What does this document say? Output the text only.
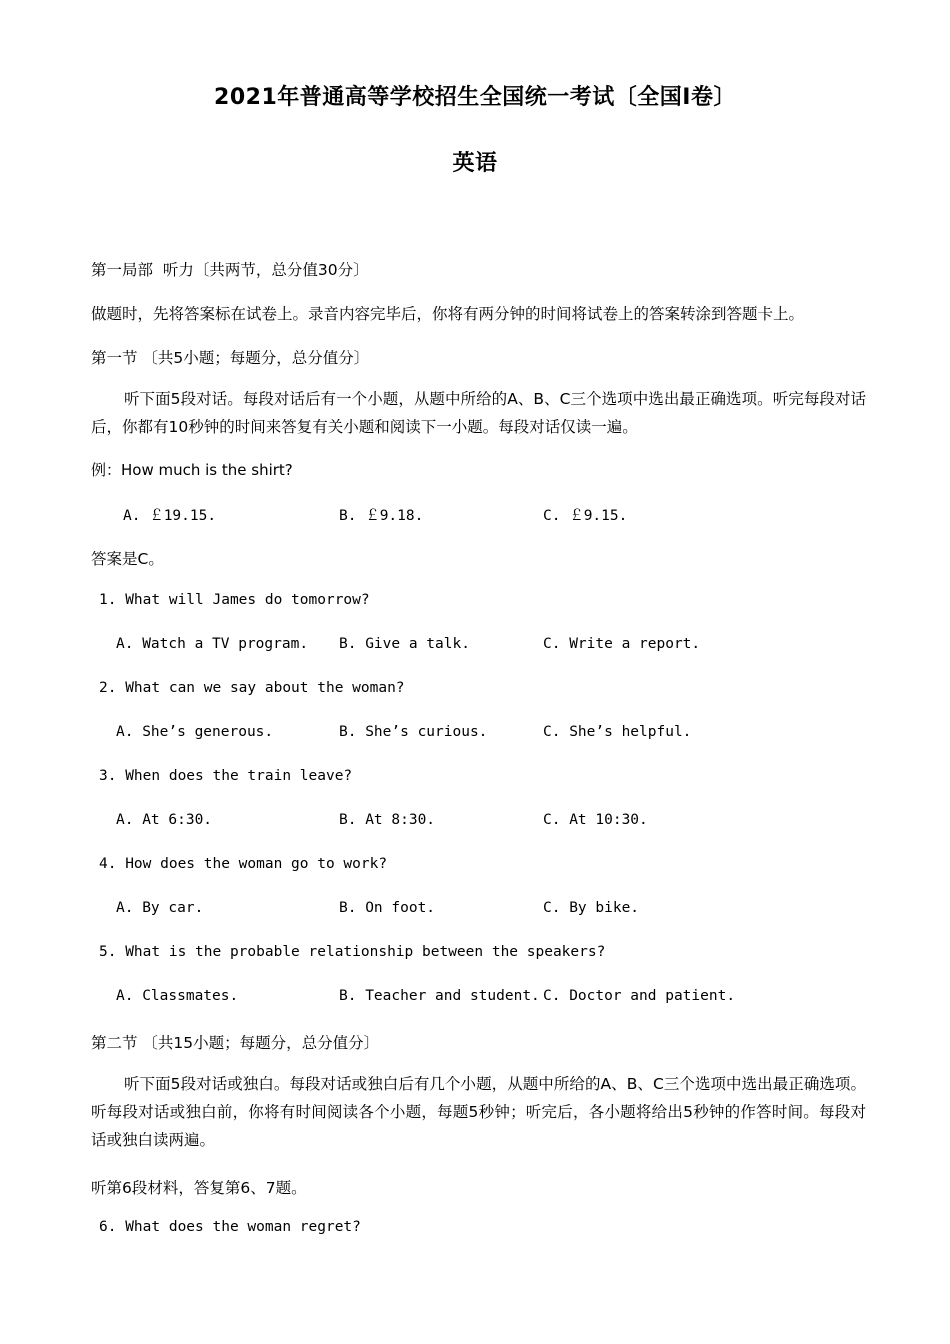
2021年普通高等学校招生全国统一考试〔全国Ⅰ卷〕
英语
第一局部  听力〔共两节，总分值30分〕
做题时，先将答案标在试卷上。录音内容完毕后，你将有两分钟的时间将试卷上的答案转涂到答题卡上。
第一节 〔共5小题；每题分，总分值分〕
听下面5段对话。每段对话后有一个小题，从题中所给的A、B、C三个选项中选出最正确选项。听完每段对话后，你都有10秒钟的时间来答复有关小题和阅读下一小题。每段对话仅读一遍。
例：How much is the shirt?
A. ￡19.15.	B. ￡9.18.	C. ￡9.15.
答案是C。
1. What will James do tomorrow?
A. Watch a TV program. B. Give a talk.	C. Write a report.
2. What can we say about the woman?
A. She’s generous.	B. She’s curious.	C. She’s helpful.
3. When does the train leave?
A. At 6:30.	B. At 8:30.	C. At 10:30.
4. How does the woman go to work?
A. By car.	B. On foot.	C. By bike.
5. What is the probable relationship between the speakers?
A. Classmates.	B. Teacher and student. C. Doctor and patient.
第二节 〔共15小题；每题分，总分值分〕
听下面5段对话或独白。每段对话或独白后有几个小题，从题中所给的A、B、C三个选项中选出最正确选项。听每段对话或独白前，你将有时间阅读各个小题，每题5秒钟；听完后，各小题将给出5秒钟的作答时间。每段对话或独白读两遍。
听第6段材料，答复第6、7题。
6. What does the woman regret?
